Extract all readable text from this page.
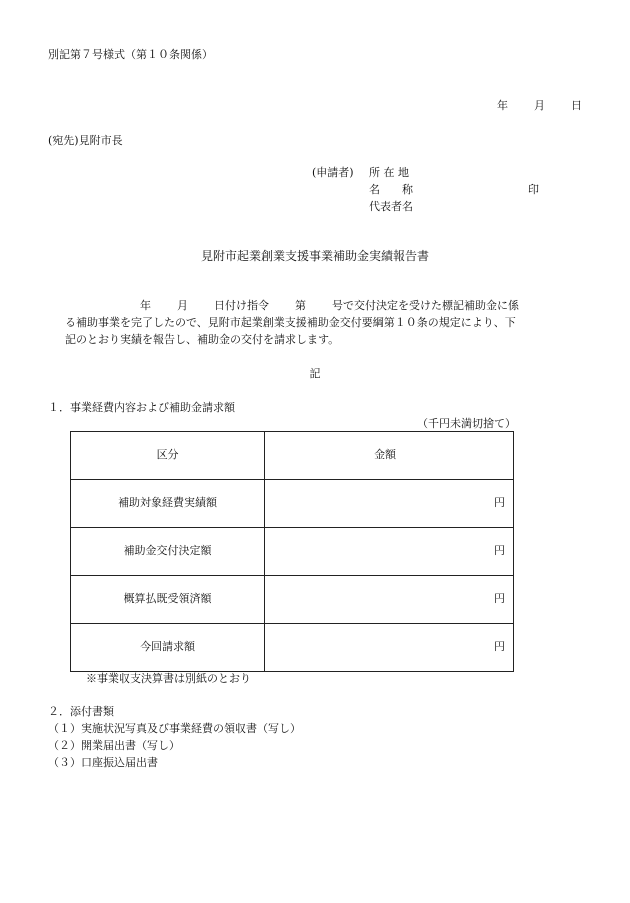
別記第７号様式（第１０条関係）
年 月 日
(宛先)見附市長
(申請者) 所 在 地
名　　称
代表者名
印
見附市起業創業支援事業補助金実績報告書
年 月 日付け指令 第 号で交付決定を受けた標記補助金に係
る補助事業を完了したので、見附市起業創業支援補助金交付要綱第１０条の規定により、下
記のとおり実績を報告し、補助金の交付を請求します。
記
１．事業経費内容および補助金請求額
（千円未満切捨て）
区分	金額
補助対象経費実績額	円
補助金交付決定額	円
概算払既受領済額	円
今回請求額	円
※事業収支決算書は別紙のとおり
２．添付書類
（１）実施状況写真及び事業経費の領収書（写し）
（２）開業届出書（写し）
（３）口座振込届出書
